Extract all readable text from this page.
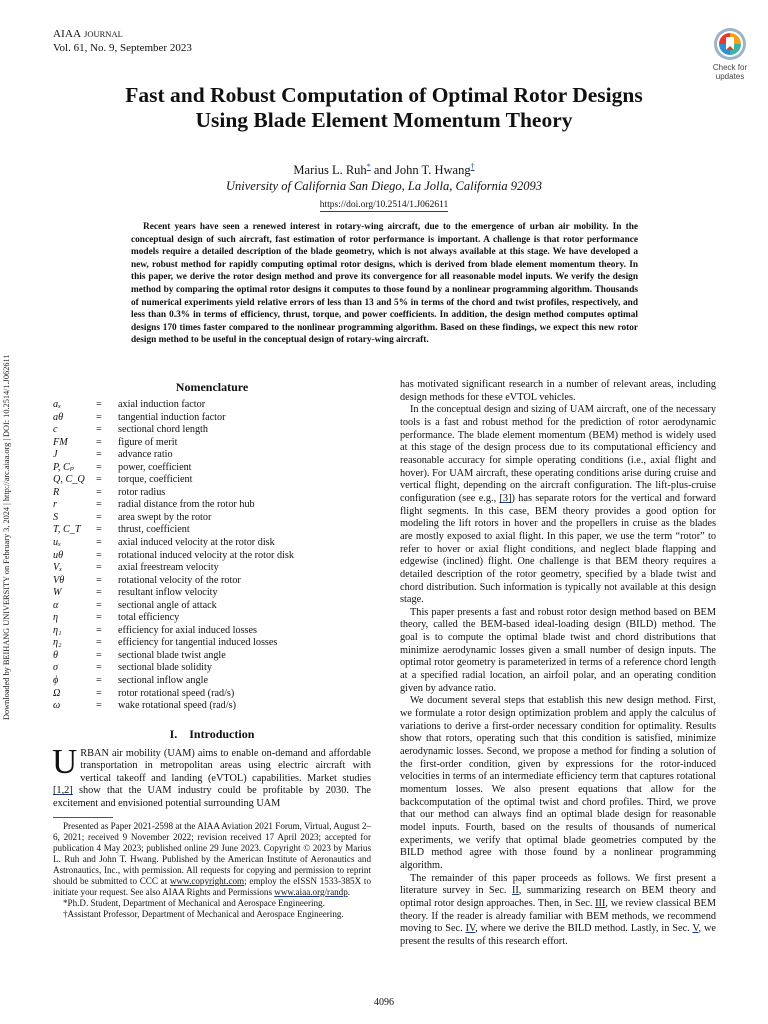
AIAA JOURNAL
Vol. 61, No. 9, September 2023
Check for
updates
Downloaded by BEIHANG UNIVERSITY on February 3, 2024 | http://arc.aiaa.org | DOI: 10.2514/1.J062611
Fast and Robust Computation of Optimal Rotor Designs
Using Blade Element Momentum Theory
Marius L. Ruh* and John T. Hwang†
University of California San Diego, La Jolla, California 92093
https://doi.org/10.2514/1.J062611
Recent years have seen a renewed interest in rotary-wing aircraft, due to the emergence of urban air mobility. In the conceptual design of such aircraft, fast estimation of rotor performance is important. A challenge is that rotor performance models require a detailed description of the blade geometry, which is not always available at this stage. We have developed a new, robust method for rapidly computing optimal rotor designs, which is derived from blade element momentum theory. In this paper, we derive the rotor design method and prove its convergence for all reasonable model inputs. We verify the design method by comparing the optimal rotor designs it computes to those found by a nonlinear programming algorithm. Thousands of numerical experiments yield relative errors of less than 13 and 5% in terms of the chord and twist profiles, respectively, and less than 0.3% in terms of efficiency, thrust, torque, and power coefficients. In addition, the design method computes optimal designs 170 times faster compared to the nonlinear programming algorithm. Based on these findings, we expect this new rotor design method to be useful in the conceptual design of rotary-wing aircraft.
Nomenclature
aₓ	=	axial induction factor
aθ	=	tangential induction factor
c	=	sectional chord length
FM	=	figure of merit
J	=	advance ratio
P, Cₚ	=	power, coefficient
Q, C_Q	=	torque, coefficient
R	=	rotor radius
r	=	radial distance from the rotor hub
S	=	area swept by the rotor
T, C_T	=	thrust, coefficient
uₓ	=	axial induced velocity at the rotor disk
uθ	=	rotational induced velocity at the rotor disk
Vₓ	=	axial freestream velocity
Vθ	=	rotational velocity of the rotor
W	=	resultant inflow velocity
α	=	sectional angle of attack
η	=	total efficiency
η₁	=	efficiency for axial induced losses
η₂	=	efficiency for tangential induced losses
θ	=	sectional blade twist angle
σ	=	sectional blade solidity
ϕ	=	sectional inflow angle
Ω	=	rotor rotational speed (rad/s)
ω	=	wake rotational speed (rad/s)
I. Introduction
URBAN air mobility (UAM) aims to enable on-demand and affordable transportation in metropolitan areas using electric aircraft with vertical takeoff and landing (eVTOL) capabilities. Market studies [1,2] show that the UAM industry could be profitable by 2030. The excitement and envisioned potential surrounding UAM

Presented as Paper 2021-2598 at the AIAA Aviation 2021 Forum, Virtual, August 2–6, 2021; received 9 November 2022; revision received 17 April 2023; accepted for publication 4 May 2023; published online 29 June 2023. Copyright © 2023 by Marius L. Ruh and John T. Hwang. Published by the American Institute of Aeronautics and Astronautics, Inc., with permission. All requests for copying and permission to reprint should be submitted to CCC at www.copyright.com; employ the eISSN 1533-385X to initiate your request. See also AIAA Rights and Permissions www.aiaa.org/randp.

*Ph.D. Student, Department of Mechanical and Aerospace Engineering.

†Assistant Professor, Department of Mechanical and Aerospace Engineering.

has motivated significant research in a number of relevant areas, including design methods for these eVTOL vehicles.

In the conceptual design and sizing of UAM aircraft, one of the necessary tools is a fast and robust method for the prediction of rotor aerodynamic performance. The blade element momentum (BEM) method is widely used at this stage of the design process due to its computational efficiency and reasonable accuracy for simple operating conditions (i.e., axial flight and hover). For UAM aircraft, these operating conditions arise during cruise and vertical flight, depending on the aircraft configuration. The lift-plus-cruise configuration (see e.g., [3]) has separate rotors for the vertical and forward flight segments. In this case, BEM theory provides a good option for modeling the lift rotors in hover and the propellers in cruise as the blades are mostly exposed to axial flight. In this paper, we use the term “rotor” to refer to hover or axial flight conditions, and neglect blade flapping and edgewise (inclined) flight. One challenge is that BEM theory requires a detailed description of the rotor geometry, specified by a blade twist and chord distribution. Such information is typically not available at this design stage.

This paper presents a fast and robust rotor design method based on BEM theory, called the BEM-based ideal-loading design (BILD) method. The goal is to compute the optimal blade twist and chord distributions that minimize aerodynamic losses given a small number of design inputs. The optimal rotor geometry is parameterized in terms of a reference chord length at a specified radial location, an airfoil polar, and an operating condition given by advance ratio.

We document several steps that establish this new design method. First, we formulate a rotor design optimization problem and apply the calculus of variations to derive a first-order necessary condition for optimality. Results show that rotors, operating such that this condition is satisfied, minimize aerodynamic losses. Second, we propose a method for finding a solution of the first-order condition, given by expressions for the rotor-induced velocities in terms of an intermediate efficiency term that captures rotational momentum losses. We also present equations that allow for the backcomputation of the optimal twist and chord profiles. Third, we prove that our method can always find an optimal blade design for reasonable model inputs. Fourth, based on the results of thousands of numerical experiments, we verify that optimal blade geometries computed by the BILD method agree with those found by a nonlinear programming algorithm.

The remainder of this paper proceeds as follows. We first present a literature survey in Sec. II, summarizing research on BEM theory and optimal rotor design approaches. Then, in Sec. III, we review classical BEM theory. If the reader is already familiar with BEM methods, we recommend moving to Sec. IV, where we derive the BILD method. Lastly, in Sec. V, we present the results of this research effort.

4096
